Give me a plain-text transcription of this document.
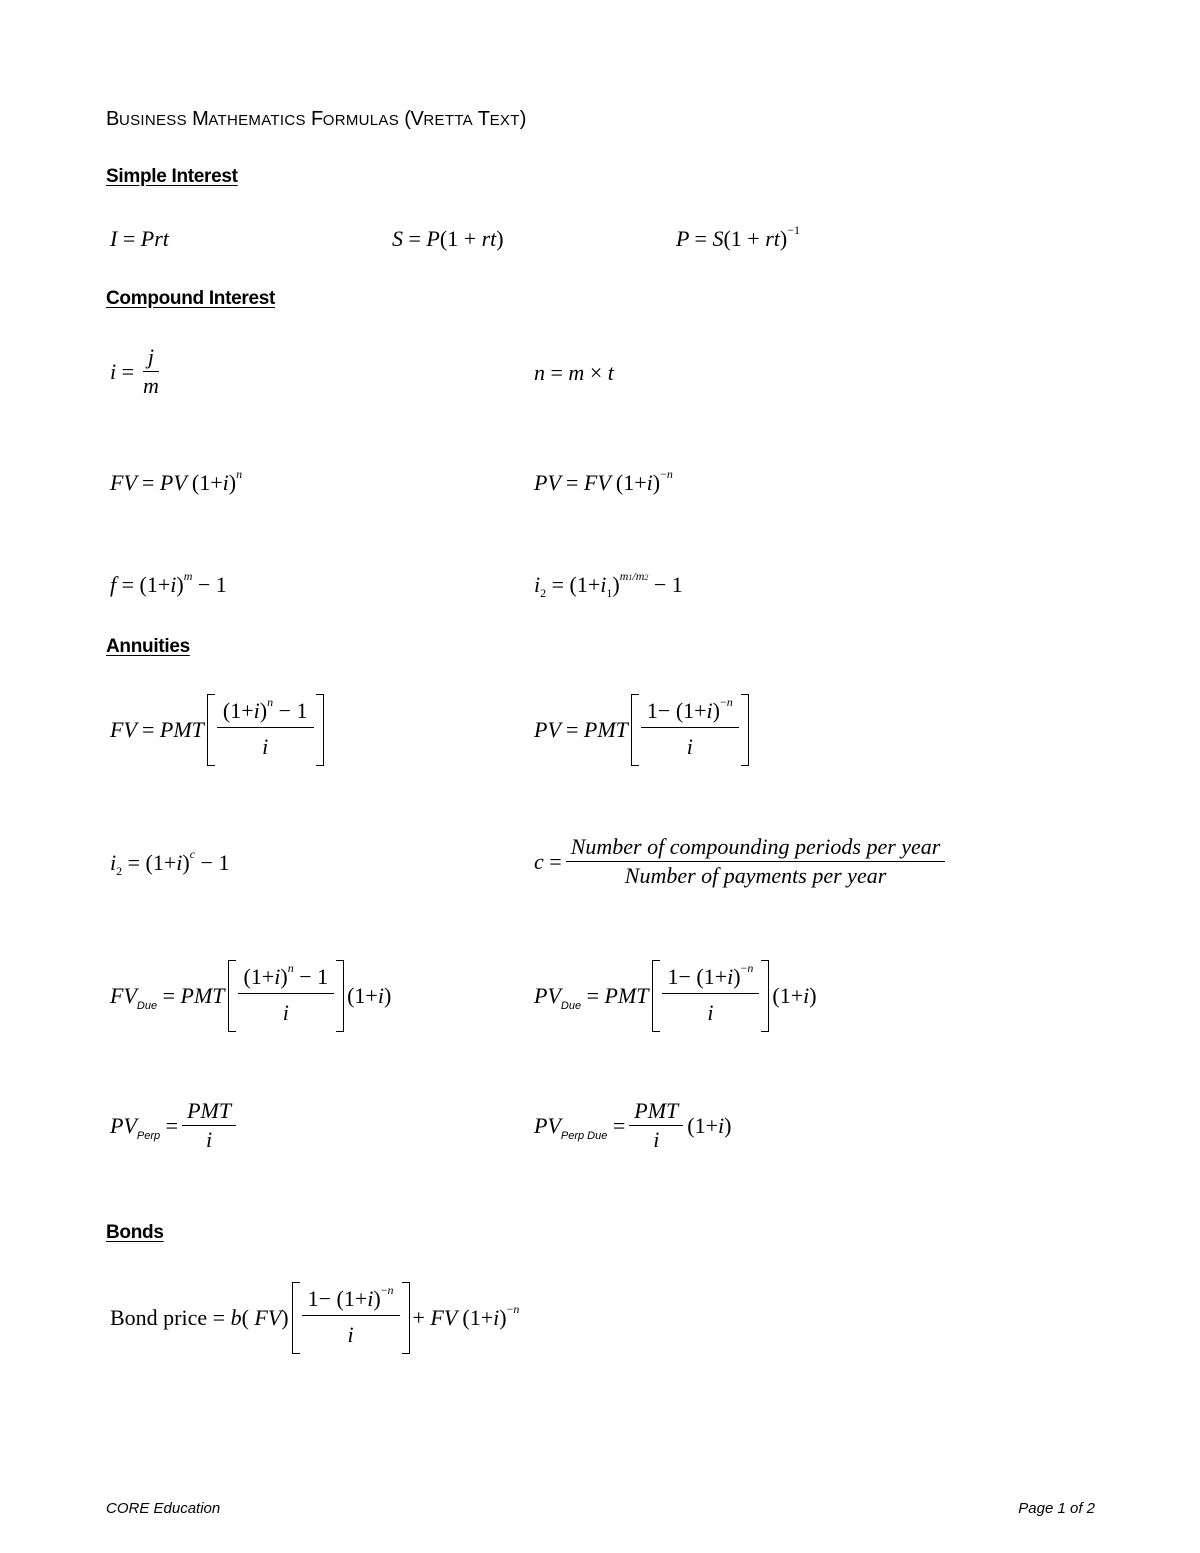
BUSINESS MATHEMATICS FORMULAS (VRETTA TEXT)
Simple Interest
I = Prt	S = P(1 + rt)	P = S(1 + rt)$^{-1}$
Compound Interest
$i = \frac{j}{m}$	n = m × t
FV = PV $(1+i)^n$	PV = FV $(1+i)^{-n}$
$f = (1+i)^m - 1$	$i_2 = (1+i_1)^{m1/m2} - 1$
Annuities
FV = PMT $\frac{(1+i)^n - 1}{i}$	PV = PMT $\frac{1- (1+i)^{-n}}{i}$
$i_2 = (1+i)^c - 1$	$c = \frac{\text{Number of compounding periods per year}}{\text{Number of payments per year}}$
$FV_{Due}$ = PMT $\frac{(1+i)^n - 1}{i} (1+ i$ )	$PV_{Due}$ = PMT $\frac{1- (1+i)^{-n}}{i} (1+ i$ )
$PV_{Perp} = \frac{\text{PMT}}{i}$	$PV_{Perp Due} = \frac{\text{PMT}}{i} (1+ i$ )
Bonds
Bond price = b( $FV) \frac{1- (1+i)^{-n}}{i}$ + FV $(1+i)^{-n}$
CORE Education	Page 1 of 2
